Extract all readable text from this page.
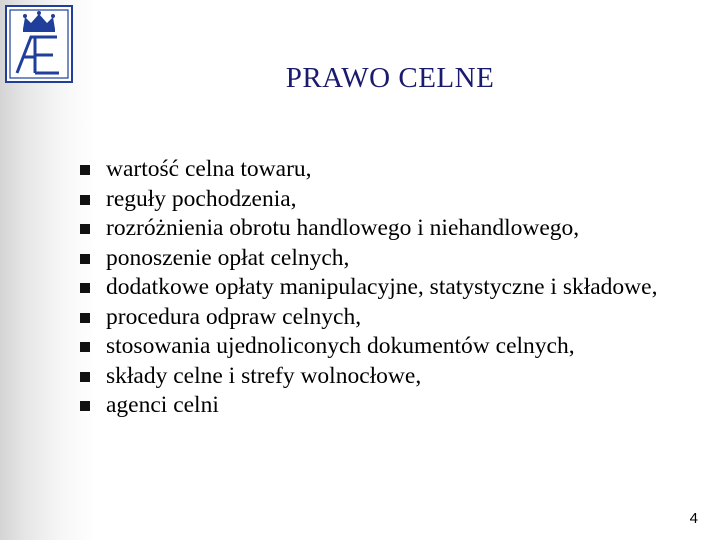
PRAWO CELNE
wartość celna towaru,
reguły pochodzenia,
rozróżnienia obrotu handlowego i niehandlowego,
ponoszenie opłat celnych,
dodatkowe opłaty manipulacyjne, statystyczne i składowe,
procedura odpraw celnych,
stosowania ujednoliconych dokumentów celnych,
składy celne i strefy wolnocłowe,
agenci celni
4
